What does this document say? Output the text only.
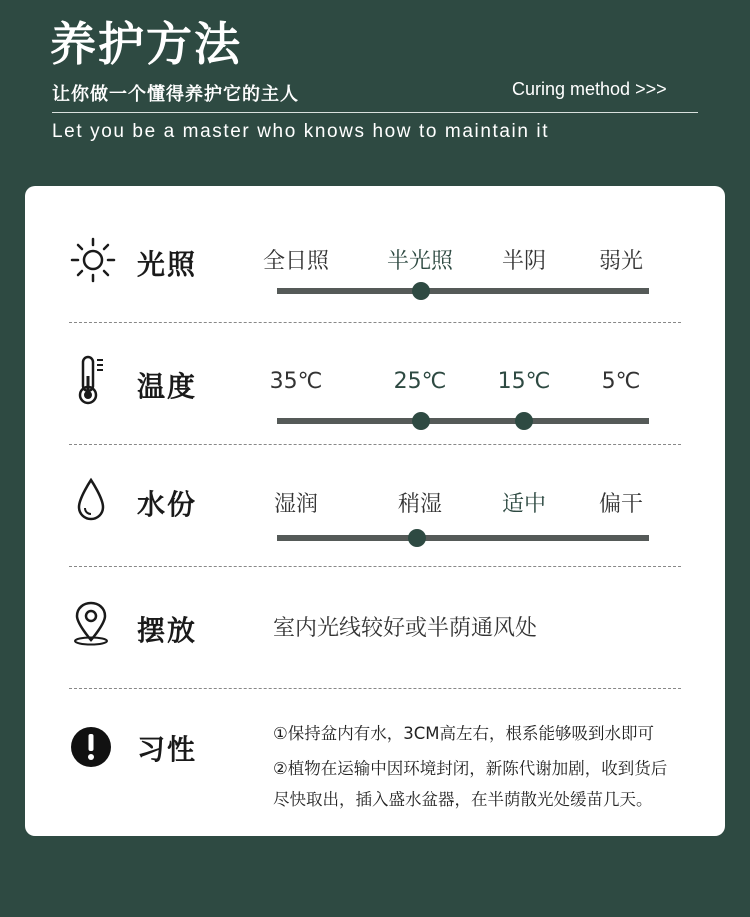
养护方法
让你做一个懂得养护它的主人	Curing method >>>
Let you be a master who knows how to maintain it
光照	全日照	半光照	半阴	弱光
温度	35℃	25℃	15℃	5℃
水份	湿润	稍湿	适中	偏干
摆放	室内光线较好或半荫通风处
习性	①保持盆内有水，3CM高左右，根系能够吸到水即可
②植物在运输中因环境封闭，新陈代谢加剧，收到货后
尽快取出，插入盛水盆器，在半荫散光处缓苗几天。
